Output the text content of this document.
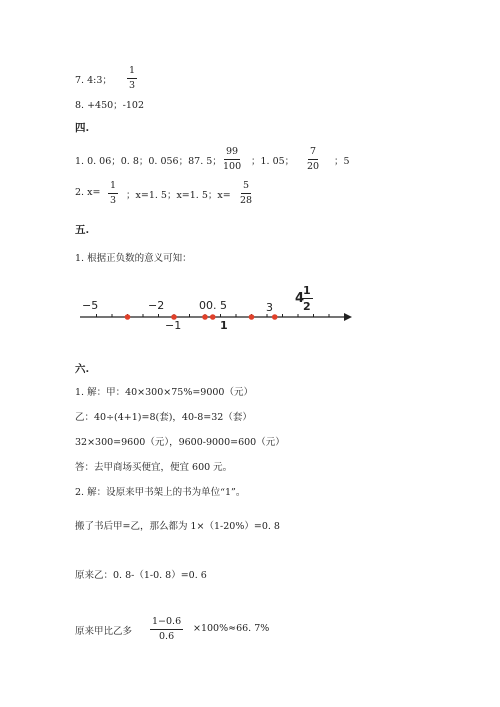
7. 4:3； $\frac{1}{3}$
8. +450；-102
四.
1. 0. 06；0. 8；0. 056；87. 5； $\frac{99}{100}$ ；1. 05； $\frac{7}{20}$ ；5
2. $x= \frac{1}{3}$ ；x=1. 5；x=1. 5；$x= \frac{5}{28}$
五.
1. 根据正负数的意义可知：
−5	−2	0 0. 5	3
−1	1
4
$\frac{1}{2}$
六.
1. 解：甲：40×300×75%=9000（元）
乙：40÷(4+1)=8(套)，40-8=32（套）
32×300=9600（元），9600-9000=600（元）
答：去甲商场买便宜，便宜 600 元。
2. 解：设原来甲书架上的书为单位“1”。
搬了书后甲=乙，那么都为 1×（1-20%）=0. 8
原来乙：0. 8-（1-0. 8）=0. 6
原来甲比乙多 $\frac{1-0.6}{0.6} \times 100\%\approx 66$. 7%
